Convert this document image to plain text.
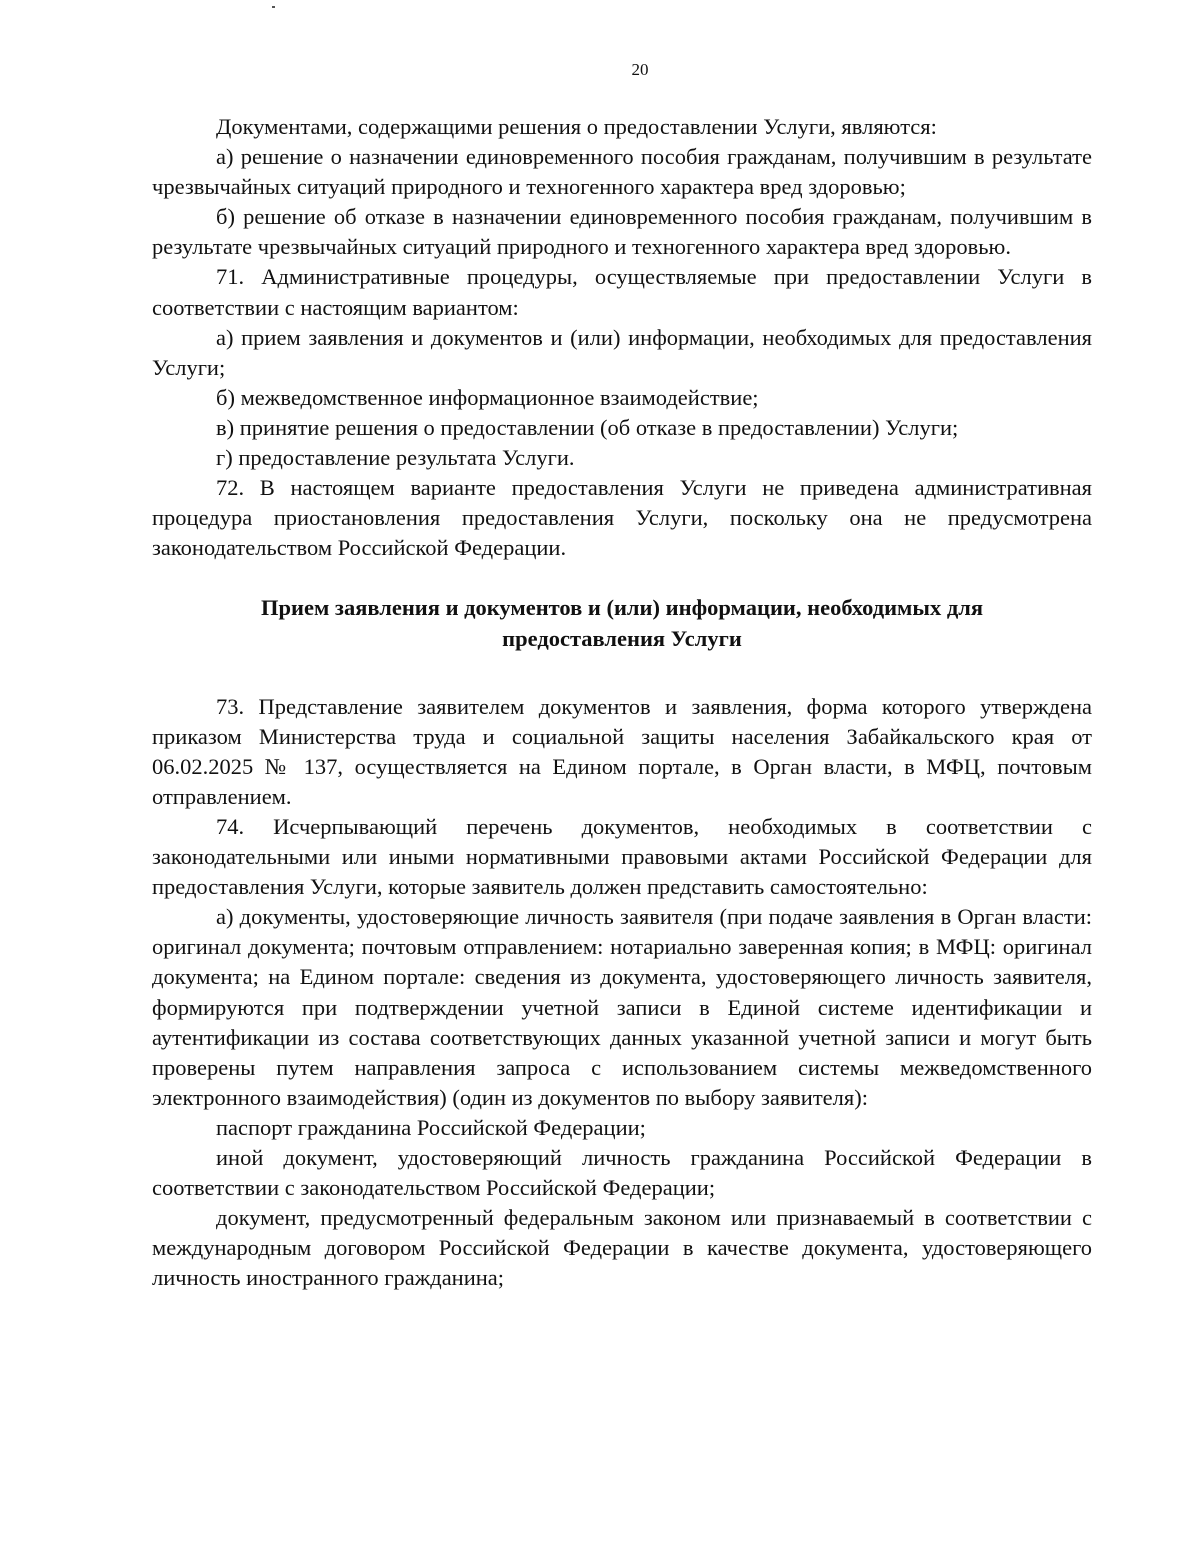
20

Документами, содержащими решения о предоставлении Услуги, являются:

а) решение о назначении единовременного пособия гражданам, получившим в результате чрезвычайных ситуаций природного и техногенного характера вред здоровью;

б) решение об отказе в назначении единовременного пособия гражданам, получившим в результате чрезвычайных ситуаций природного и техногенного характера вред здоровью.

71. Административные процедуры, осуществляемые при предоставлении Услуги в соответствии с настоящим вариантом:

а) прием заявления и документов и (или) информации, необходимых для предоставления Услуги;

б) межведомственное информационное взаимодействие;

в) принятие решения о предоставлении (об отказе в предоставлении) Услуги;

г) предоставление результата Услуги.

72. В настоящем варианте предоставления Услуги не приведена административная процедура приостановления предоставления Услуги, поскольку она не предусмотрена законодательством Российской Федерации.

Прием заявления и документов и (или) информации, необходимых для
предоставления Услуги

73. Представление заявителем документов и заявления, форма которого утверждена приказом Министерства труда и социальной защиты населения Забайкальского края от 06.02.2025 № 137, осуществляется на Едином портале, в Орган власти, в МФЦ, почтовым отправлением.

74. Исчерпывающий перечень документов, необходимых в соответствии с законодательными или иными нормативными правовыми актами Российской Федерации для предоставления Услуги, которые заявитель должен представить самостоятельно:

а) документы, удостоверяющие личность заявителя (при подаче заявления в Орган власти: оригинал документа; почтовым отправлением: нотариально заверенная копия; в МФЦ: оригинал документа; на Едином портале: сведения из документа, удостоверяющего личность заявителя, формируются при подтверждении учетной записи в Единой системе идентификации и аутентификации из состава соответствующих данных указанной учетной записи и могут быть проверены путем направления запроса с использованием системы межведомственного электронного взаимодействия) (один из документов по выбору заявителя):

паспорт гражданина Российской Федерации;

иной документ, удостоверяющий личность гражданина Российской Федерации в соответствии с законодательством Российской Федерации;

документ, предусмотренный федеральным законом или признаваемый в соответствии с международным договором Российской Федерации в качестве документа, удостоверяющего личность иностранного гражданина;
